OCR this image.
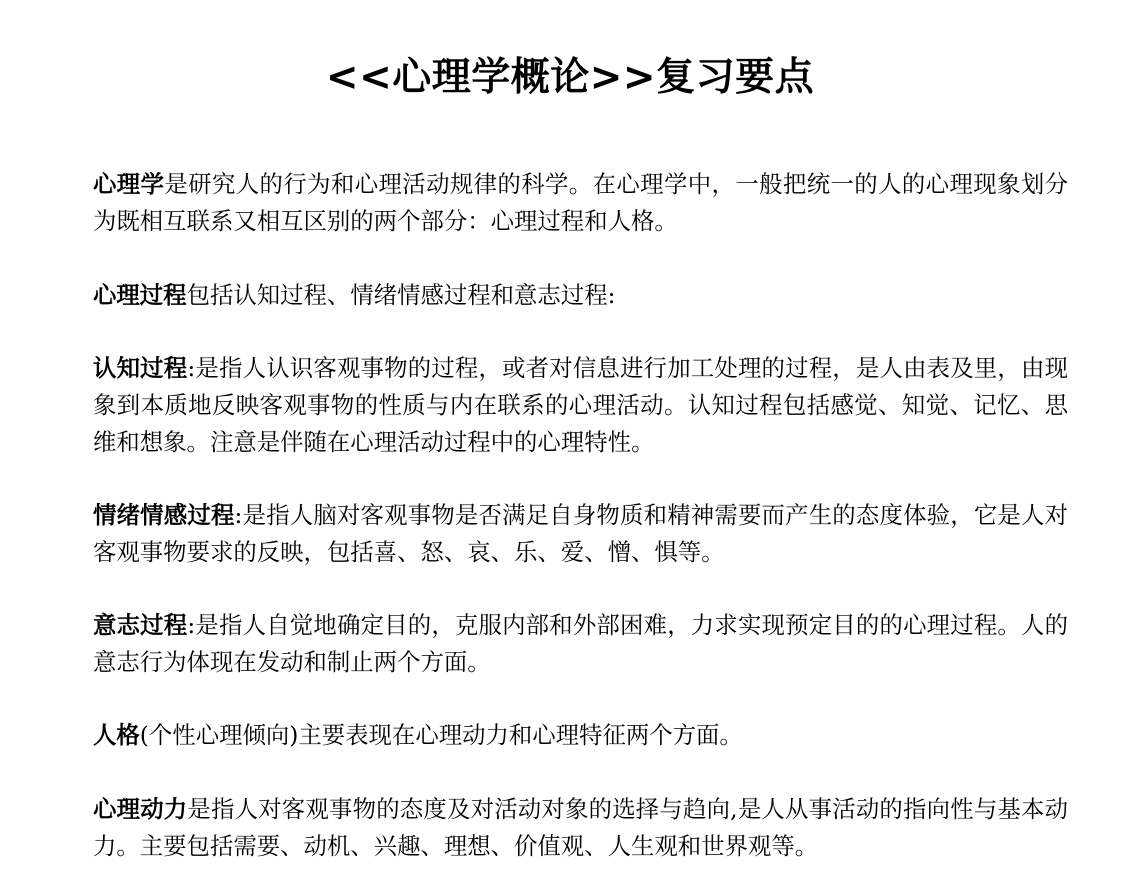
<<心理学概论>>复习要点

心理学是研究人的行为和心理活动规律的科学。在心理学中，一般把统一的人的心理现象划分为既相互联系又相互区别的两个部分：心理过程和人格。

心理过程包括认知过程、情绪情感过程和意志过程:

认知过程:是指人认识客观事物的过程，或者对信息进行加工处理的过程，是人由表及里，由现象到本质地反映客观事物的性质与内在联系的心理活动。认知过程包括感觉、知觉、记忆、思维和想象。注意是伴随在心理活动过程中的心理特性。

情绪情感过程:是指人脑对客观事物是否满足自身物质和精神需要而产生的态度体验，它是人对客观事物要求的反映，包括喜、怒、哀、乐、爱、憎、惧等。

意志过程:是指人自觉地确定目的，克服内部和外部困难，力求实现预定目的的心理过程。人的意志行为体现在发动和制止两个方面。

人格(个性心理倾向)主要表现在心理动力和心理特征两个方面。

心理动力是指人对客观事物的态度及对活动对象的选择与趋向,是人从事活动的指向性与基本动力。主要包括需要、动机、兴趣、理想、价值观、人生观和世界观等。
